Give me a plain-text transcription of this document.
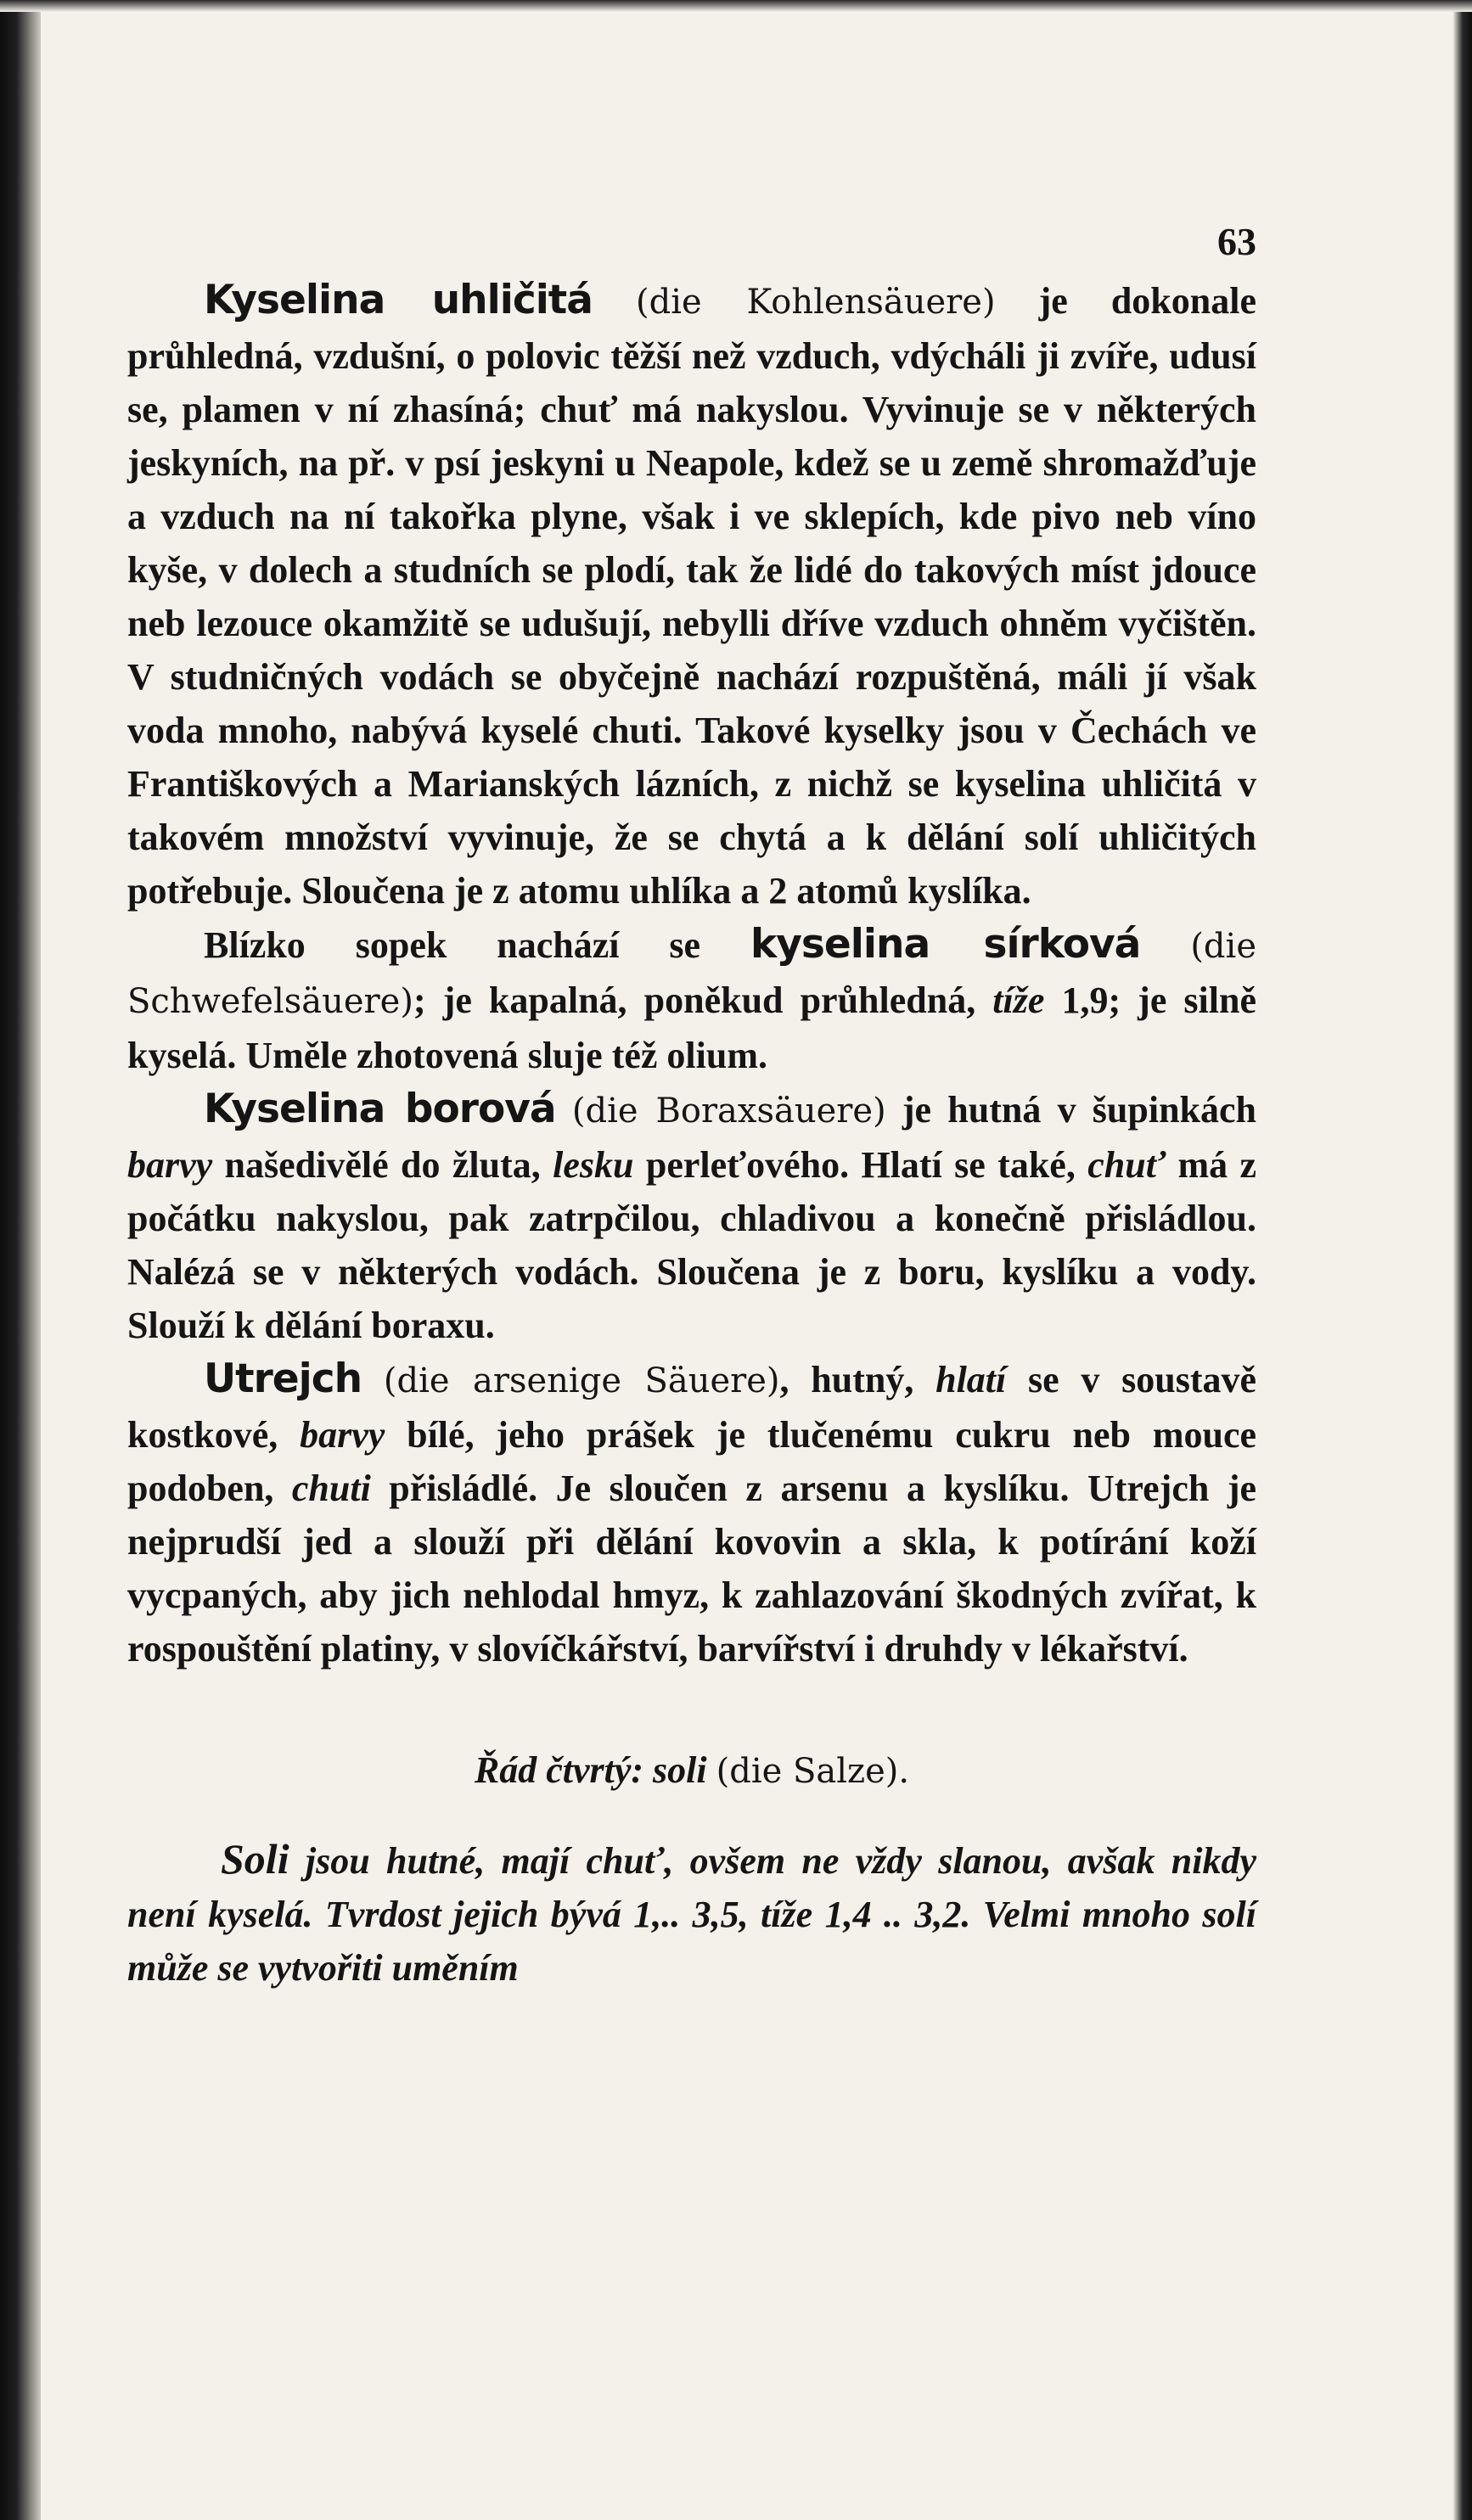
63

Kyselina uhličitá (die Kohlensäuere) je dokonale průhledná, vzdušní, o polovic těžší než vzduch, vdýcháli ji zvíře, udusí se, plamen v ní zhasíná; chuť má nakyslou. Vyvinuje se v některých jeskyních, na př. v psí jeskyni u Neapole, kdež se u země shromažďuje a vzduch na ní takořka plyne, však i ve sklepích, kde pivo neb víno kyše, v dolech a studních se plodí, tak že lidé do takových míst jdouce neb lezouce okamžitě se udušují, nebylli dříve vzduch ohněm vyčištěn. V studničných vodách se obyčejně nachází rozpuštěná, máli jí však voda mnoho, nabývá kyselé chuti. Takové kyselky jsou v Čechách ve Františkových a Marianských lázních, z nichž se kyselina uhličitá v takovém množství vyvinuje, že se chytá a k dělání solí uhličitých potřebuje. Sloučena je z atomu uhlíka a 2 atomů kyslíka.

Blízko sopek nachází se kyselina sírková (die Schwefelsäuere); je kapalná, poněkud průhledná, tíže 1,9; je silně kyselá. Uměle zhotovená sluje též olium.

Kyselina borová (die Boraxsäuere) je hutná v šupinkách barvy našedivělé do žluta, lesku perleťového. Hlatí se také, chuť má z počátku nakyslou, pak zatrpčilou, chladivou a konečně přisládlou. Nalézá se v některých vodách. Sloučena je z boru, kyslíku a vody. Slouží k dělání boraxu.

Utrejch (die arsenige Säuere), hutný, hlatí se v soustavě kostkové, barvy bílé, jeho prášek je tlučenému cukru neb mouce podoben, chuti přisládlé. Je sloučen z arsenu a kyslíku. Utrejch je nejprudší jed a slouží při dělání kovovin a skla, k potírání koží vycpaných, aby jich nehlodal hmyz, k zahlazování škodných zvířat, k rospouštění platiny, v slovíčkářství, barvířství i druhdy v lékařství.

Řád čtvrtý: soli (die Salze).

Soli jsou hutné, mají chuť, ovšem ne vždy slanou, avšak nikdy není kyselá. Tvrdost jejich bývá 1,.. 3,5, tíže 1,4 .. 3,2. Velmi mnoho solí může se vytvořiti uměním
